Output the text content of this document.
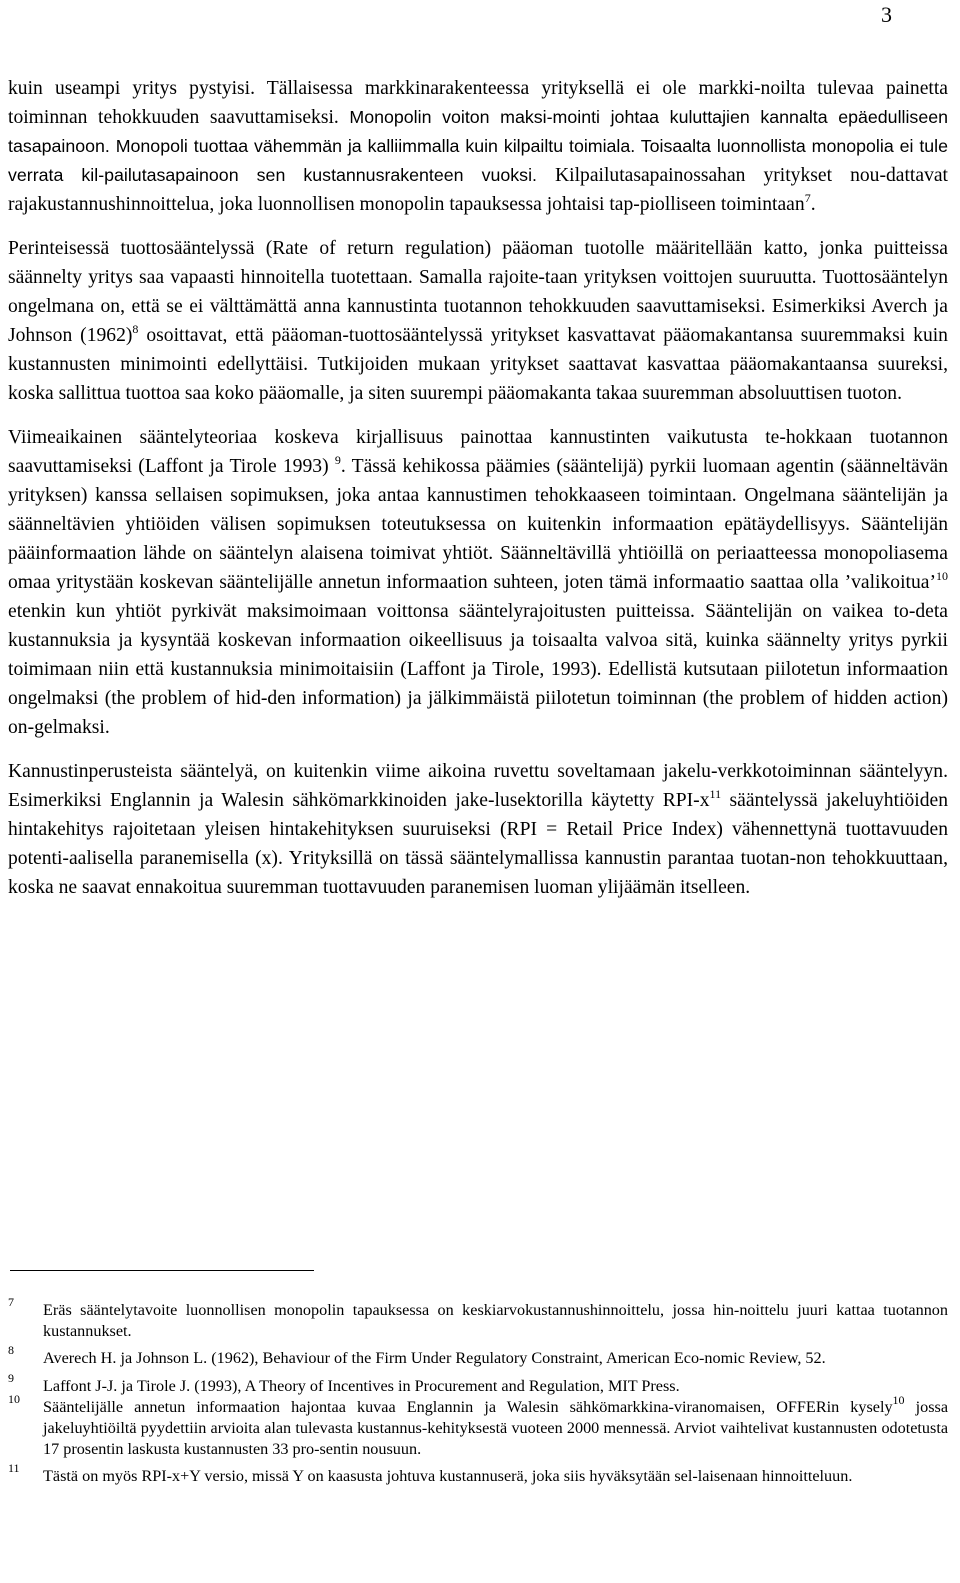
3

kuin useampi yritys pystyisi. Tällaisessa markkinarakenteessa yrityksellä ei ole markki-noilta tulevaa painetta toiminnan tehokkuuden saavuttamiseksi. Monopolin voiton maksi-mointi johtaa kuluttajien kannalta epäedulliseen tasapainoon. Monopoli tuottaa vähemmän ja kalliimmalla kuin kilpailtu toimiala. Toisaalta luonnollista monopolia ei tule verrata kil-pailutasapainoon sen kustannusrakenteen vuoksi. Kilpailutasapainossahan yritykset nou-dattavat rajakustannushinnoittelua, joka luonnollisen monopolin tapauksessa johtaisi tap-piolliseen toimintaan$^7$.

Perinteisessä tuottosääntelyssä (Rate of return regulation) pääoman tuotolle määritellään katto, jonka puitteissa säännelty yritys saa vapaasti hinnoitella tuotettaan. Samalla rajoite-taan yrityksen voittojen suuruutta. Tuottosääntelyn ongelmana on, että se ei välttämättä anna kannustinta tuotannon tehokkuuden saavuttamiseksi. Esimerkiksi Averch ja Johnson $(1962)^8$ osoittavat, että pääoman-tuottosääntelyssä yritykset kasvattavat pääomakantansa suuremmaksi kuin kustannusten minimointi edellyttäisi. Tutkijoiden mukaan yritykset saattavat kasvattaa pääomakantaansa suureksi, koska sallittua tuottoa saa koko pääomalle, ja siten suurempi pääomakanta takaa suuremman absoluuttisen tuoton.

Viimeaikainen sääntelyteoriaa koskeva kirjallisuus painottaa kannustinten vaikutusta te-hokkaan tuotannon saavuttamiseksi (Laffont ja Tirole 1993) $^9$. Tässä kehikossa päämies (sääntelijä) pyrkii luomaan agentin (säänneltävän yrityksen) kanssa sellaisen sopimuksen, joka antaa kannustimen tehokkaaseen toimintaan. Ongelmana sääntelijän ja säänneltävien yhtiöiden välisen sopimuksen toteutuksessa on kuitenkin informaation epätäydellisyys. Sääntelijän pääinformaation lähde on sääntelyn alaisena toimivat yhtiöt. Säänneltävillä yhtiöillä on periaatteessa monopoliasema omaa yritystään koskevan sääntelijälle annetun informaation suhteen, joten tämä informaatio saattaa olla ’valikoitua’$^{10}$ etenkin kun yhtiöt pyrkivät maksimoimaan voittonsa sääntelyrajoitusten puitteissa. Sääntelijän on vaikea to-deta kustannuksia ja kysyntää koskevan informaation oikeellisuus ja toisaalta valvoa sitä, kuinka säännelty yritys pyrkii toimimaan niin että kustannuksia minimoitaisiin (Laffont ja Tirole, 1993). Edellistä kutsutaan piilotetun informaation ongelmaksi (the problem of hid-den information) ja jälkimmäistä piilotetun toiminnan (the problem of hidden action) on-gelmaksi.

Kannustinperusteista sääntelyä, on kuitenkin viime aikoina ruvettu soveltamaan jakelu-verkkotoiminnan sääntelyyn. Esimerkiksi Englannin ja Walesin sähkömarkkinoiden jake-lusektorilla käytetty RPI-$x^{11}$ sääntelyssä jakeluyhtiöiden hintakehitys rajoitetaan yleisen hintakehityksen suuruiseksi (RPI = Retail Price Index) vähennettynä tuottavuuden potenti-aalisella paranemisella (x). Yrityksillä on tässä sääntelymallissa kannustin parantaa tuotan-non tehokkuuttaan, koska ne saavat ennakoitua suuremman tuottavuuden paranemisen luoman ylijäämän itselleen.

7 Eräs sääntelytavoite luonnollisen monopolin tapauksessa on keskiarvokustannushinnoittelu, jossa hin-noittelu juuri kattaa tuotannon kustannukset.
8 Averech H. ja Johnson L. (1962), Behaviour of the Firm Under Regulatory Constraint, American Eco-nomic Review, 52.
9 Laffont J-J. ja Tirole J. (1993), A Theory of Incentives in Procurement and Regulation, MIT Press.
10 Sääntelijälle annetun informaation hajontaa kuvaa Englannin ja Walesin sähkömarkkina-viranomaisen, OFFERin kysely$^{10}$ jossa jakeluyhtiöiltä pyydettiin arvioita alan tulevasta kustannus-kehityksestä vuoteen 2000 mennessä. Arviot vaihtelivat kustannusten odotetusta 17 prosentin laskusta kustannusten 33 pro-sentin nousuun.
11 Tästä on myös RPI-x+Y versio, missä Y on kaasusta johtuva kustannuserä, joka siis hyväksytään sel-laisenaan hinnoitteluun.
